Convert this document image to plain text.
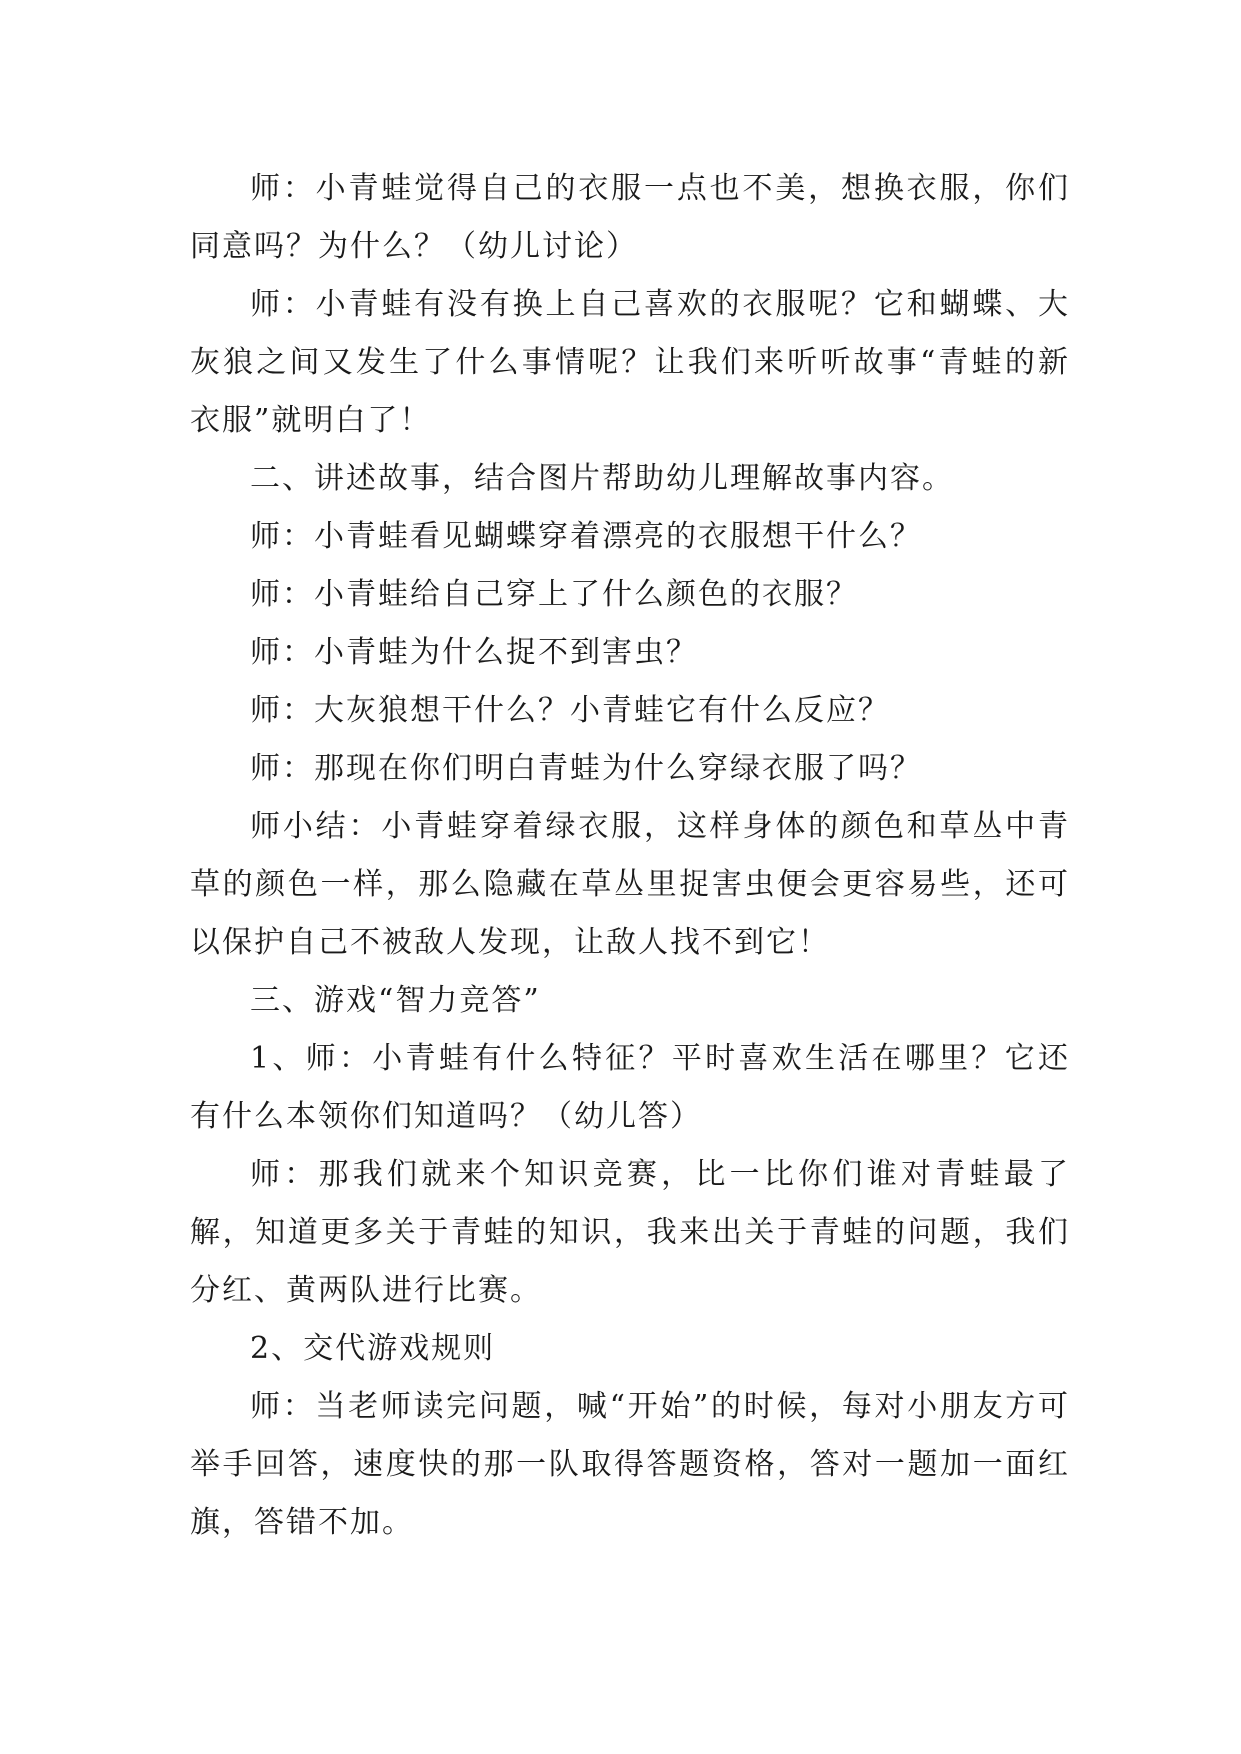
师：小青蛙觉得自己的衣服一点也不美，想换衣服，你们同意吗？为什么？（幼儿讨论）

师：小青蛙有没有换上自己喜欢的衣服呢？它和蝴蝶、大灰狼之间又发生了什么事情呢？让我们来听听故事“青蛙的新衣服”就明白了！

二、讲述故事，结合图片帮助幼儿理解故事内容。

师：小青蛙看见蝴蝶穿着漂亮的衣服想干什么？

师：小青蛙给自己穿上了什么颜色的衣服？

师：小青蛙为什么捉不到害虫？

师：大灰狼想干什么？小青蛙它有什么反应？

师：那现在你们明白青蛙为什么穿绿衣服了吗？

师小结：小青蛙穿着绿衣服，这样身体的颜色和草丛中青草的颜色一样，那么隐藏在草丛里捉害虫便会更容易些，还可以保护自己不被敌人发现，让敌人找不到它！

三、游戏“智力竞答”

1、师：小青蛙有什么特征？平时喜欢生活在哪里？它还有什么本领你们知道吗？（幼儿答）

师：那我们就来个知识竞赛，比一比你们谁对青蛙最了解，知道更多关于青蛙的知识，我来出关于青蛙的问题，我们分红、黄两队进行比赛。

2、交代游戏规则

师：当老师读完问题，喊“开始”的时候，每对小朋友方可举手回答，速度快的那一队取得答题资格，答对一题加一面红旗，答错不加。
